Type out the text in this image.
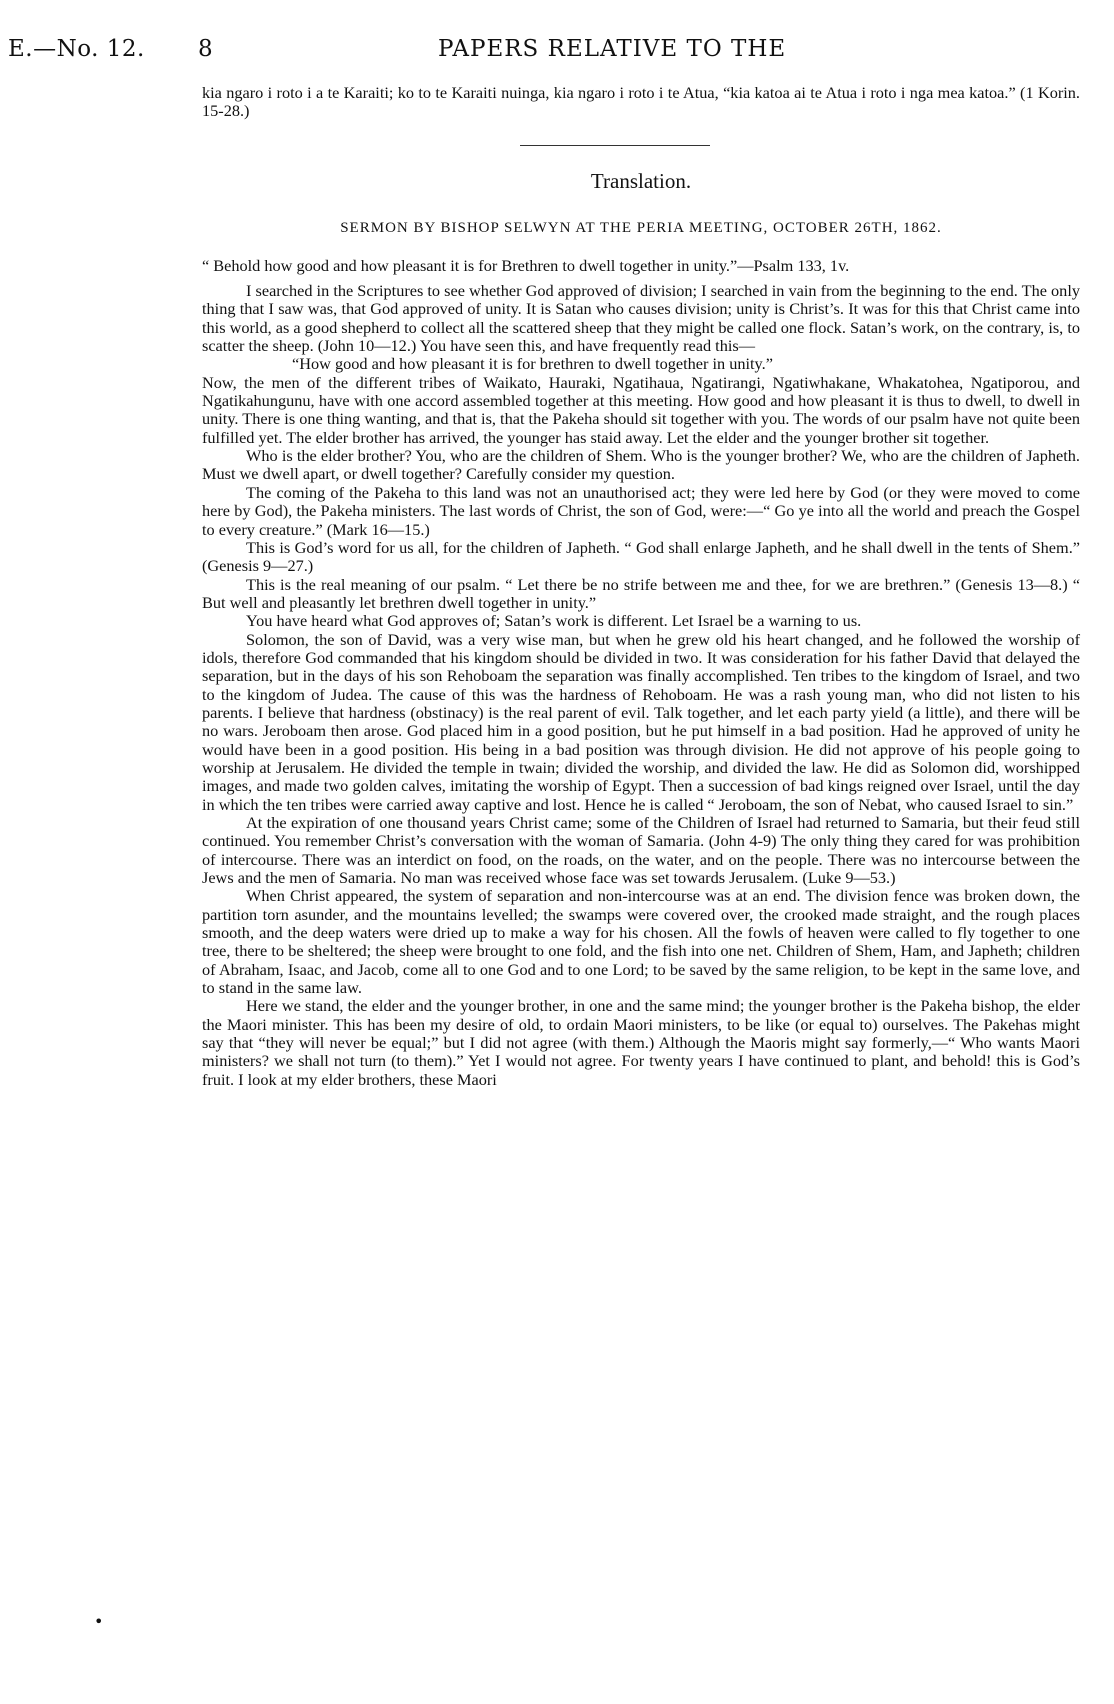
E.—No. 12. 8	PAPERS RELATIVE TO THE

kia ngaro i roto i a te Karaiti; ko to te Karaiti nuinga, kia ngaro i roto i te Atua, “kia katoa ai te Atua i roto i nga mea katoa.” (1 Korin. 15-28.)

Translation.
SERMON BY BISHOP SELWYN AT THE PERIA MEETING, OCTOBER 26TH, 1862.

“ Behold how good and how pleasant it is for Brethren to dwell together in unity.”—Psalm 133, 1v.

I searched in the Scriptures to see whether God approved of division; I searched in vain from the beginning to the end. The only thing that I saw was, that God approved of unity. It is Satan who causes division; unity is Christ’s. It was for this that Christ came into this world, as a good shepherd to collect all the scattered sheep that they might be called one flock. Satan’s work, on the contrary, is, to scatter the sheep. (John 10—12.) You have seen this, and have frequently read this—

“How good and how pleasant it is for brethren to dwell together in unity.”

Now, the men of the different tribes of Waikato, Hauraki, Ngatihaua, Ngatirangi, Ngatiwhakane, Whakatohea, Ngatiporou, and Ngatikahungunu, have with one accord assembled together at this meeting. How good and how pleasant it is thus to dwell, to dwell in unity. There is one thing wanting, and that is, that the Pakeha should sit together with you. The words of our psalm have not quite been fulfilled yet. The elder brother has arrived, the younger has staid away. Let the elder and the younger brother sit together.

Who is the elder brother? You, who are the children of Shem. Who is the younger brother? We, who are the children of Japheth. Must we dwell apart, or dwell together? Carefully consider my question.

The coming of the Pakeha to this land was not an unauthorised act; they were led here by God (or they were moved to come here by God), the Pakeha ministers. The last words of Christ, the son of God, were:—“ Go ye into all the world and preach the Gospel to every creature.” (Mark 16—15.)

This is God’s word for us all, for the children of Japheth. “ God shall enlarge Japheth, and he shall dwell in the tents of Shem.” (Genesis 9—27.)

This is the real meaning of our psalm. “ Let there be no strife between me and thee, for we are brethren.” (Genesis 13—8.) “ But well and pleasantly let brethren dwell together in unity.”

You have heard what God approves of; Satan’s work is different. Let Israel be a warning to us.

Solomon, the son of David, was a very wise man, but when he grew old his heart changed, and he followed the worship of idols, therefore God commanded that his kingdom should be divided in two. It was consideration for his father David that delayed the separation, but in the days of his son Rehoboam the separation was finally accomplished. Ten tribes to the kingdom of Israel, and two to the kingdom of Judea. The cause of this was the hardness of Rehoboam. He was a rash young man, who did not listen to his parents. I believe that hardness (obstinacy) is the real parent of evil. Talk together, and let each party yield (a little), and there will be no wars. Jeroboam then arose. God placed him in a good position, but he put himself in a bad position. Had he approved of unity he would have been in a good position. His being in a bad position was through division. He did not approve of his people going to worship at Jerusalem. He divided the temple in twain; divided the worship, and divided the law. He did as Solomon did, worshipped images, and made two golden calves, imitating the worship of Egypt. Then a succession of bad kings reigned over Israel, until the day in which the ten tribes were carried away captive and lost. Hence he is called “ Jeroboam, the son of Nebat, who caused Israel to sin.”

At the expiration of one thousand years Christ came; some of the Children of Israel had returned to Samaria, but their feud still continued. You remember Christ’s conversation with the woman of Samaria. (John 4-9) The only thing they cared for was prohibition of intercourse. There was an interdict on food, on the roads, on the water, and on the people. There was no intercourse between the Jews and the men of Samaria. No man was received whose face was set towards Jerusalem. (Luke 9—53.)

When Christ appeared, the system of separation and non-intercourse was at an end. The division fence was broken down, the partition torn asunder, and the mountains levelled; the swamps were covered over, the crooked made straight, and the rough places smooth, and the deep waters were dried up to make a way for his chosen. All the fowls of heaven were called to fly together to one tree, there to be sheltered; the sheep were brought to one fold, and the fish into one net. Children of Shem, Ham, and Japheth; children of Abraham, Isaac, and Jacob, come all to one God and to one Lord; to be saved by the same religion, to be kept in the same love, and to stand in the same law.

Here we stand, the elder and the younger brother, in one and the same mind; the younger brother is the Pakeha bishop, the elder the Maori minister. This has been my desire of old, to ordain Maori ministers, to be like (or equal to) ourselves. The Pakehas might say that “they will never be equal;” but I did not agree (with them.) Although the Maoris might say formerly,—“ Who wants Maori ministers? we shall not turn (to them).” Yet I would not agree. For twenty years I have continued to plant, and behold! this is God’s fruit. I look at my elder brothers, these Maori

•
